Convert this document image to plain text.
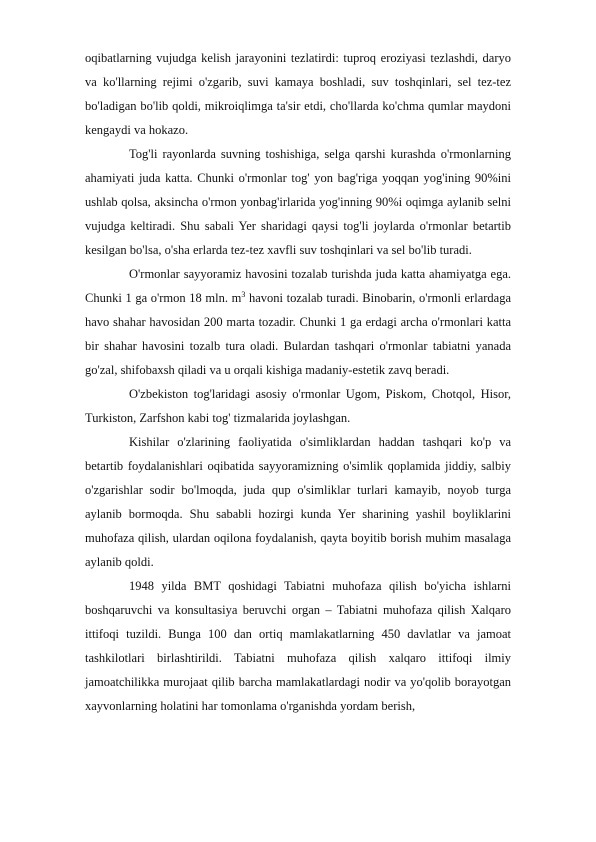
oqibatlarning vujudga kelish jarayonini tezlatirdi: tuproq eroziyasi tezlashdi, daryo va ko'llarning rejimi o'zgarib, suvi kamaya boshladi, suv toshqinlari, sel tez-tez bo'ladigan bo'lib qoldi, mikroiqlimga ta'sir etdi, cho'llarda ko'chma qumlar maydoni kengaydi va hokazo.

Tog'li rayonlarda suvning toshishiga, selga qarshi kurashda o'rmonlarning ahamiyati juda katta. Chunki o'rmonlar tog' yon bag'riga yoqqan yog'ining 90%ini ushlab qolsa, aksincha o'rmon yonbag'irlarida yog'inning 90%i oqimga aylanib selni vujudga keltiradi. Shu sabali Yer sharidagi qaysi tog'li joylarda o'rmonlar betartib kesilgan bo'lsa, o'sha erlarda tez-tez xavfli suv toshqinlari va sel bo'lib turadi.

O'rmonlar sayyoramiz havosini tozalab turishda juda katta ahamiyatga ega. Chunki 1 ga o'rmon 18 mln. $m^3$ havoni tozalab turadi. Binobarin, o'rmonli erlardaga havo shahar havosidan 200 marta tozadir. Chunki 1 ga erdagi archa o'rmonlari katta bir shahar havosini tozalb tura oladi. Bulardan tashqari o'rmonlar tabiatni yanada go'zal, shifobaxsh qiladi va u orqali kishiga madaniy-estetik zavq beradi.

O'zbekiston tog'laridagi asosiy o'rmonlar Ugom, Piskom, Chotqol, Hisor, Turkiston, Zarfshon kabi tog' tizmalarida joylashgan.

Kishilar o'zlarining faoliyatida o'simliklardan haddan tashqari ko'p va betartib foydalanishlari oqibatida sayyoramizning o'simlik qoplamida jiddiy, salbiy o'zgarishlar sodir bo'lmoqda, juda qup o'simliklar turlari kamayib, noyob turga aylanib bormoqda. Shu sababli hozirgi kunda Yer sharining yashil boyliklarini muhofaza qilish, ulardan oqilona foydalanish, qayta boyitib borish muhim masalaga aylanib qoldi.

1948 yilda BMT qoshidagi Tabiatni muhofaza qilish bo'yicha ishlarni boshqaruvchi va konsultasiya beruvchi organ – Tabiatni muhofaza qilish Xalqaro ittifoqi tuzildi. Bunga 100 dan ortiq mamlakatlarning 450 davlatlar va jamoat tashkilotlari birlashtirildi. Tabiatni muhofaza qilish xalqaro ittifoqi ilmiy jamoatchilikka murojaat qilib barcha mamlakatlardagi nodir va yo'qolib borayotgan xayvonlarning holatini har tomonlama o'rganishda yordam berish,
